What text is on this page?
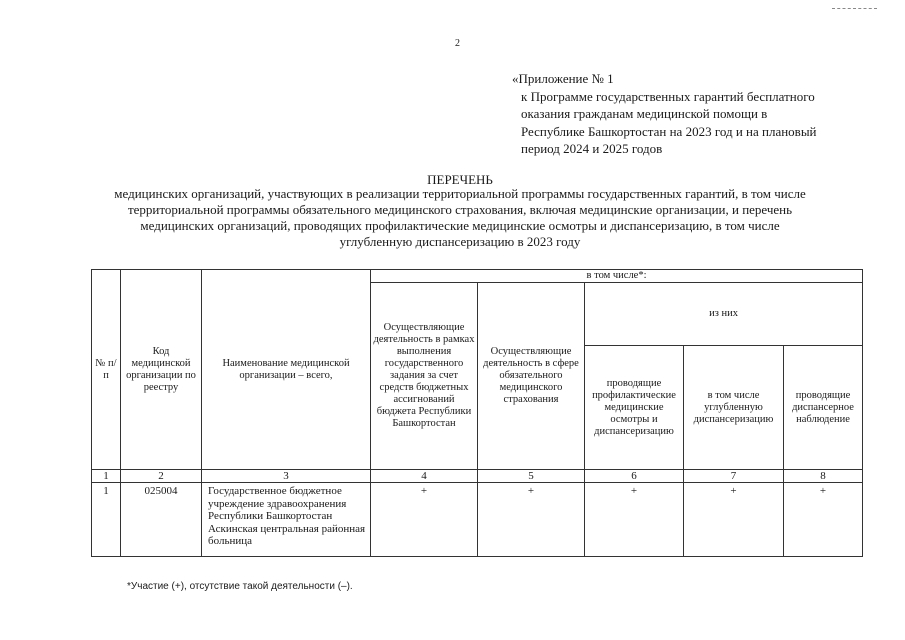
2
«Приложение № 1
к Программе государственных гарантий бесплатного
оказания гражданам медицинской помощи в
Республике Башкортостан на 2023 год и на плановый
период 2024 и 2025 годов
ПЕРЕЧЕНЬ
медицинских организаций, участвующих в реализации территориальной программы государственных гарантий, в том числе
территориальной программы обязательного медицинского страхования, включая медицинские организации, и перечень
медицинских организаций, проводящих профилактические медицинские осмотры и диспансеризацию, в том числе
углубленную диспансеризацию в 2023 году
№ п/п	Код медицинской организации по реестру	Наименование медицинской организации – всего,	в том числе*:				
			Осуществляющие деятельность в рамках выполнения государственного задания за счет средств бюджетных ассигнований бюджета Республики Башкортостан	Осуществляющие деятельность в сфере обязательного медицинского страхования	из них		
					проводящие профилактические медицинские осмотры и диспансеризацию	в том числе углубленную диспансеризацию	проводящие диспансерное наблюдение
1	2	3	4	5	6	7	8
1	025004	Государственное бюджетное учреждение здравоохранения Республики Башкортостан Аскинская центральная районная больница	+	+	+	+	+
*Участие (+), отсутствие такой деятельности (–).
